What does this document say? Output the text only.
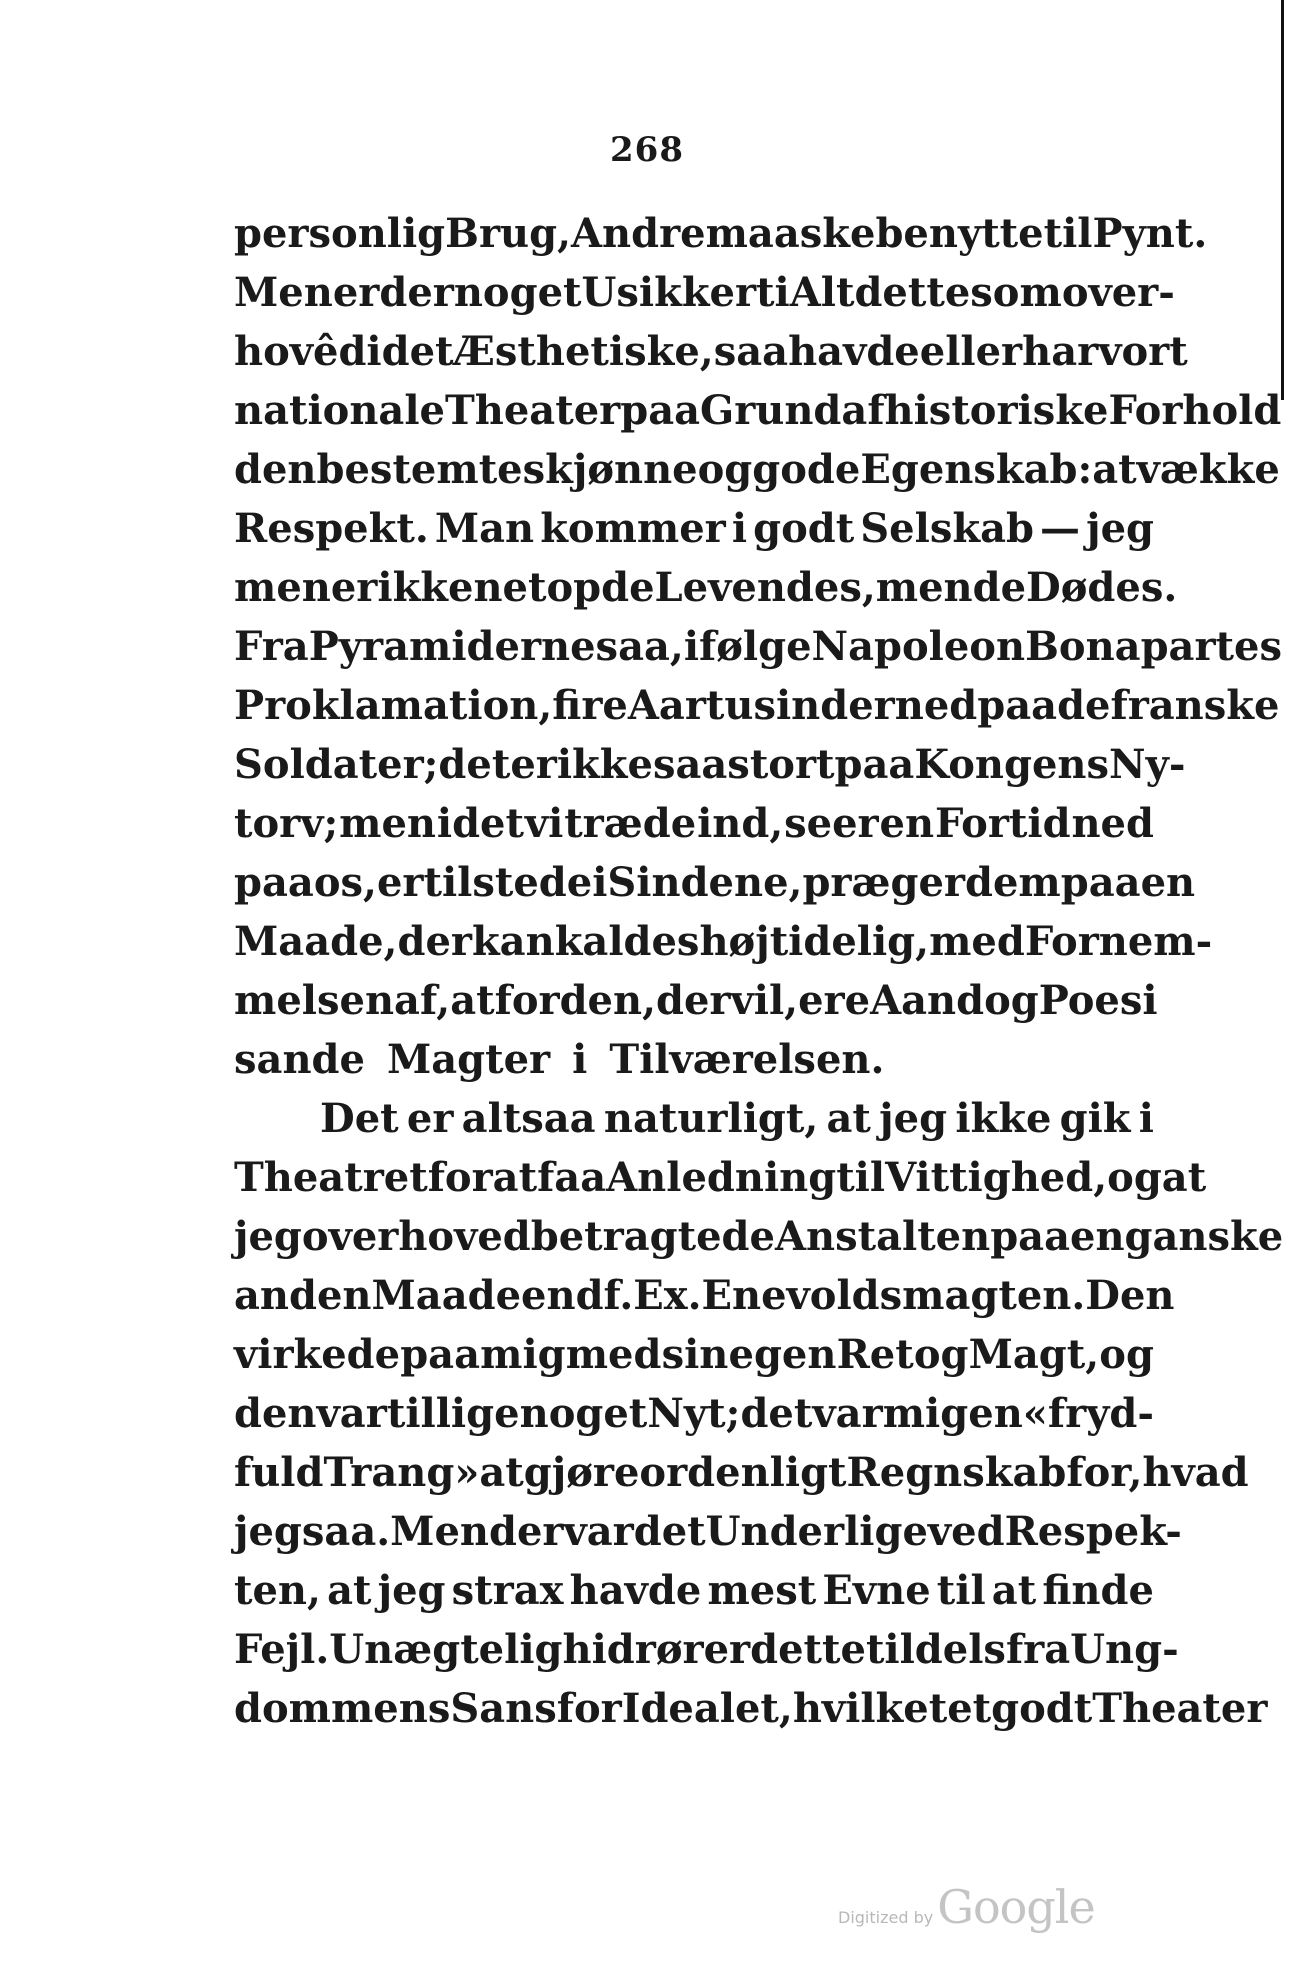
268
personlig Brug, Andre maaske benytte til Pynt.
Men er der noget Usikkert i Alt dette som over-
hovêd i det Æsthetiske, saa havde eller har vort
nationale Theater paa Grund af historiske Forhold
den bestemte skjønne og gode Egenskab: at vække
Respekt. Man kommer i godt Selskab — jeg
mener ikke netop de Levendes, men de Dødes.
Fra Pyramiderne saa, ifølge Napoleon Bonapartes
Proklamation, fire Aartusinder ned paa de franske
Soldater; det er ikke saa stort paa Kongens Ny-
torv; men idet vi træde ind, seer en Fortid ned
paa os, er tilstede i Sindene, præger dem paa en
Maade, der kan kaldes højtidelig, med Fornem-
melsen af, at for den, der vil, ere Aand og Poesi
sande Magter i Tilværelsen.
Det er altsaa naturligt, at jeg ikke gik i
Theatret for at faa Anledning til Vittighed, og at
jeg overhoved betragtede Anstalten paa en ganske
anden Maade end f. Ex. Enevoldsmagten. Den
virkede paa mig med sin egen Ret og Magt, og
den var tillige noget Nyt; det var mig en «fryd-
fuld Trang» at gjøre ordenligt Regnskab for, hvad
jeg saa. Men der var det Underlige ved Respek-
ten, at jeg strax havde mest Evne til at finde
Fejl. Unægtelig hidrører dette tildels fra Ung-
dommens Sans for Idealet, hvilket et godt Theater
Digitized by Google
